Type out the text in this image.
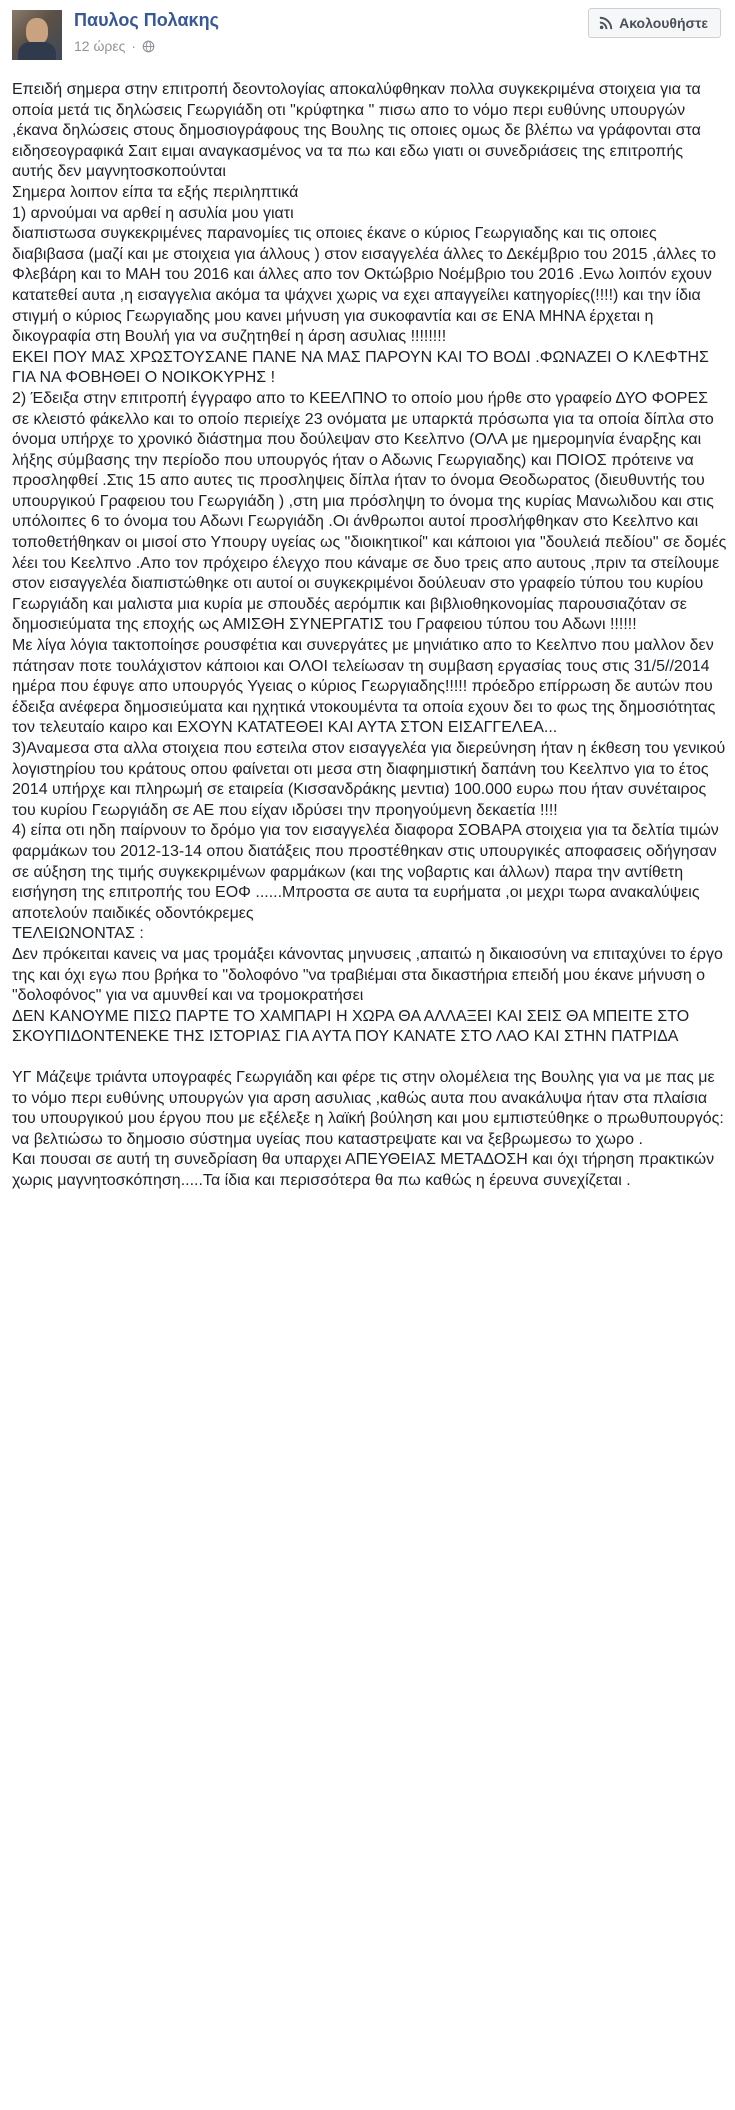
Παυλος Πολακης
12 ώρες ·
Ακολουθήστε

Επειδή σημερα στην επιτροπή δεοντολογίας αποκαλύφθηκαν πολλα συγκεκριμένα στοιχεια για τα οποία μετά τις δηλώσεις Γεωργιάδη οτι "κρύφτηκα " πισω απο το νόμο περι ευθύνης υπουργών ,έκανα δηλώσεις στους δημοσιογράφους της Βουλης τις οποιες ομως δε βλέπω να γράφονται στα ειδησεογραφικά Σαιτ ειμαι αναγκασμένος να τα πω και εδω γιατι οι συνεδριάσεις της επιτροπής αυτής δεν μαγνητοσκοπούνται
Σημερα λοιπον είπα τα εξής περιληπτικά
1) αρνούμαι να αρθεί η ασυλία μου γιατι
διαπιστωσα συγκεκριμένες παρανομίες τις οποιες έκανε ο κύριος Γεωργιαδης και τις οποιες διαβιβασα (μαζί και με στοιχεια για άλλους ) στον εισαγγελέα άλλες το Δεκέμβριο του 2015 ,άλλες το Φλεβάρη και το ΜΑΗ του 2016 και άλλες απο τον Οκτώβριο Νοέμβριο του 2016 .Ενω λοιπόν εχουν κατατεθεί αυτα ,η εισαγγελια ακόμα τα ψάχνει χωρις να εχει απαγγείλει κατηγορίες(!!!!) και την ίδια στιγμή ο κύριος Γεωργιαδης μου κανει μήνυση για συκοφαντία και σε ΕΝΑ ΜΗΝΑ έρχεται η δικογραφία στη Βουλή για να συζητηθεί η άρση ασυλιας !!!!!!!!
ΕΚΕΙ ΠΟΥ ΜΑΣ ΧΡΩΣΤΟΥΣΑΝΕ ΠΑΝΕ ΝΑ ΜΑΣ ΠΑΡΟΥΝ ΚΑΙ ΤΟ ΒΟΔΙ .ΦΩΝΑΖΕΙ Ο ΚΛΕΦΤΗΣ ΓΙΑ ΝΑ ΦΟΒΗΘΕΙ Ο ΝΟΙΚΟΚΥΡΗΣ !
2) Έδειξα στην επιτροπή έγγραφο απο το ΚΕΕΛΠΝΟ το οποίο μου ήρθε στο γραφείο ΔΥΟ ΦΟΡΕΣ σε κλειστό φάκελλο και το οποίο περιείχε 23 ονόματα με υπαρκτά πρόσωπα για τα οποία δίπλα στο όνομα υπήρχε το χρονικό διάστημα που δούλεψαν στο Κεελπνο (ΟΛΑ με ημερομηνία έναρξης και λήξης σύμβασης την περίοδο που υπουργός ήταν ο Αδωνις Γεωργιαδης) και ΠΟΙΟΣ πρότεινε να προσληφθεί .Στις 15 απο αυτες τις προσληψεις δίπλα ήταν το όνομα Θεοδωρατος (διευθυντής του υπουργικού Γραφειου του Γεωργιάδη ) ,στη μια πρόσληψη το όνομα της κυρίας Μανωλιδου και στις υπόλοιπες 6 το όνομα του Αδωνι Γεωργιάδη .Οι άνθρωποι αυτοί προσλήφθηκαν στο Κεελπνο και τοποθετήθηκαν οι μισοί στο Υπουργ υγείας ως "διοικητικοί" και κάποιοι για "δουλειά πεδίου" σε δομές λέει του Κεελπνο .Απο τον πρόχειρο έλεγχο που κάναμε σε δυο τρεις απο αυτους ,πριν τα στείλουμε στον εισαγγελέα διαπιστώθηκε οτι αυτοί οι συγκεκριμένοι δούλευαν στο γραφείο τύπου του κυρίου Γεωργιάδη και μαλιστα μια κυρία με σπουδές αερόμπικ και βιβλιοθηκονομίας παρουσιαζόταν σε δημοσιεύματα της εποχής ως ΑΜΙΣΘΗ ΣΥΝΕΡΓΑΤΙΣ του Γραφειου τύπου του Αδωνι !!!!!!
Με λίγα λόγια τακτοποίησε ρουσφέτια και συνεργάτες με μηνιάτικο απο το Κεελπνο που μαλλον δεν πάτησαν ποτε τουλάχιστον κάποιοι και ΟΛΟΙ τελείωσαν τη συμβαση εργασίας τους στις 31/5//2014 ημέρα που έφυγε απο υπουργός Υγειας ο κύριος Γεωργιαδης!!!!! πρόεδρο επίρρωση δε αυτών που έδειξα ανέφερα δημοσιεύματα και ηχητικά ντοκουμέντα τα οποία εχουν δει το φως της δημοσιότητας τον τελευταίο καιρο και ΕΧΟΥΝ ΚΑΤΑΤΕΘΕΙ ΚΑΙ ΑΥΤΑ ΣΤΟΝ ΕΙΣΑΓΓΕΛΕΑ...
3)Αναμεσα στα αλλα στοιχεια που εστειλα στον εισαγγελέα για διερεύνηση ήταν η έκθεση του γενικού λογιστηρίου του κράτους οπου φαίνεται οτι μεσα στη διαφημιστική δαπάνη του Κεελπνο για το έτος 2014 υπήρχε και πληρωμή σε εταιρεία (Κισσανδράκης μεντια) 100.000 ευρω που ήταν συνέταιρος του κυρίου Γεωργιάδη σε ΑΕ που είχαν ιδρύσει την προηγούμενη δεκαετία !!!!
4) είπα οτι ηδη παίρνουν το δρόμο για τον εισαγγελέα διαφορα ΣΟΒΑΡΑ στοιχεια για τα δελτία τιμών φαρμάκων του 2012-13-14 οπου διατάξεις που προστέθηκαν στις υπουργικές αποφασεις οδήγησαν σε αύξηση της τιμής συγκεκριμένων φαρμάκων (και της νοβαρτις και άλλων) παρα την αντίθετη εισήγηση της επιτροπής του ΕΟΦ ......Μπροστα σε αυτα τα ευρήματα ,οι μεχρι τωρα ανακαλύψεις αποτελούν παιδικές οδοντόκρεμες
ΤΕΛΕΙΩΝΟΝΤΑΣ :
Δεν πρόκειται κανεις να μας τρομάξει κάνοντας μηνυσεις ,απαιτώ η δικαιοσύνη να επιταχύνει το έργο της και όχι εγω που βρήκα το "δολοφόνο "να τραβιέμαι στα δικαστήρια επειδή μου έκανε μήνυση ο "δολοφόνος" για να αμυνθεί και να τρομοκρατήσει
ΔΕΝ ΚΑΝΟΥΜΕ ΠΙΣΩ ΠΑΡΤΕ ΤΟ ΧΑΜΠΑΡΙ Η ΧΩΡΑ ΘΑ ΑΛΛΑΞΕΙ ΚΑΙ ΣΕΙΣ ΘΑ ΜΠΕΙΤΕ ΣΤΟ ΣΚΟΥΠΙΔΟΝΤΕΝΕΚΕ ΤΗΣ ΙΣΤΟΡΙΑΣ ΓΙΑ ΑΥΤΑ ΠΟΥ ΚΑΝΑΤΕ ΣΤΟ ΛΑΟ ΚΑΙ ΣΤΗΝ ΠΑΤΡΙΔΑ

ΥΓ Μάζεψε τριάντα υπογραφές Γεωργιάδη και φέρε τις στην ολομέλεια της Βουλης για να με πας με το νόμο περι ευθύνης υπουργών για αρση ασυλιας ,καθώς αυτα που ανακάλυψα ήταν στα πλαίσια του υπουργικού μου έργου που με εξέλεξε η λαϊκή βούληση και μου εμπιστεύθηκε ο πρωθυπουργός: να βελτιώσω το δημοσιο σύστημα υγείας που καταστρεψατε και να ξεβρωμεσω το χωρο .
Και πουσαι σε αυτή τη συνεδρίαση θα υπαρχει ΑΠΕΥΘΕΙΑΣ ΜΕΤΑΔΟΣΗ και όχι τήρηση πρακτικών χωρις μαγνητοσκόπηση.....Τα ίδια και περισσότερα θα πω καθώς η έρευνα συνεχίζεται .
